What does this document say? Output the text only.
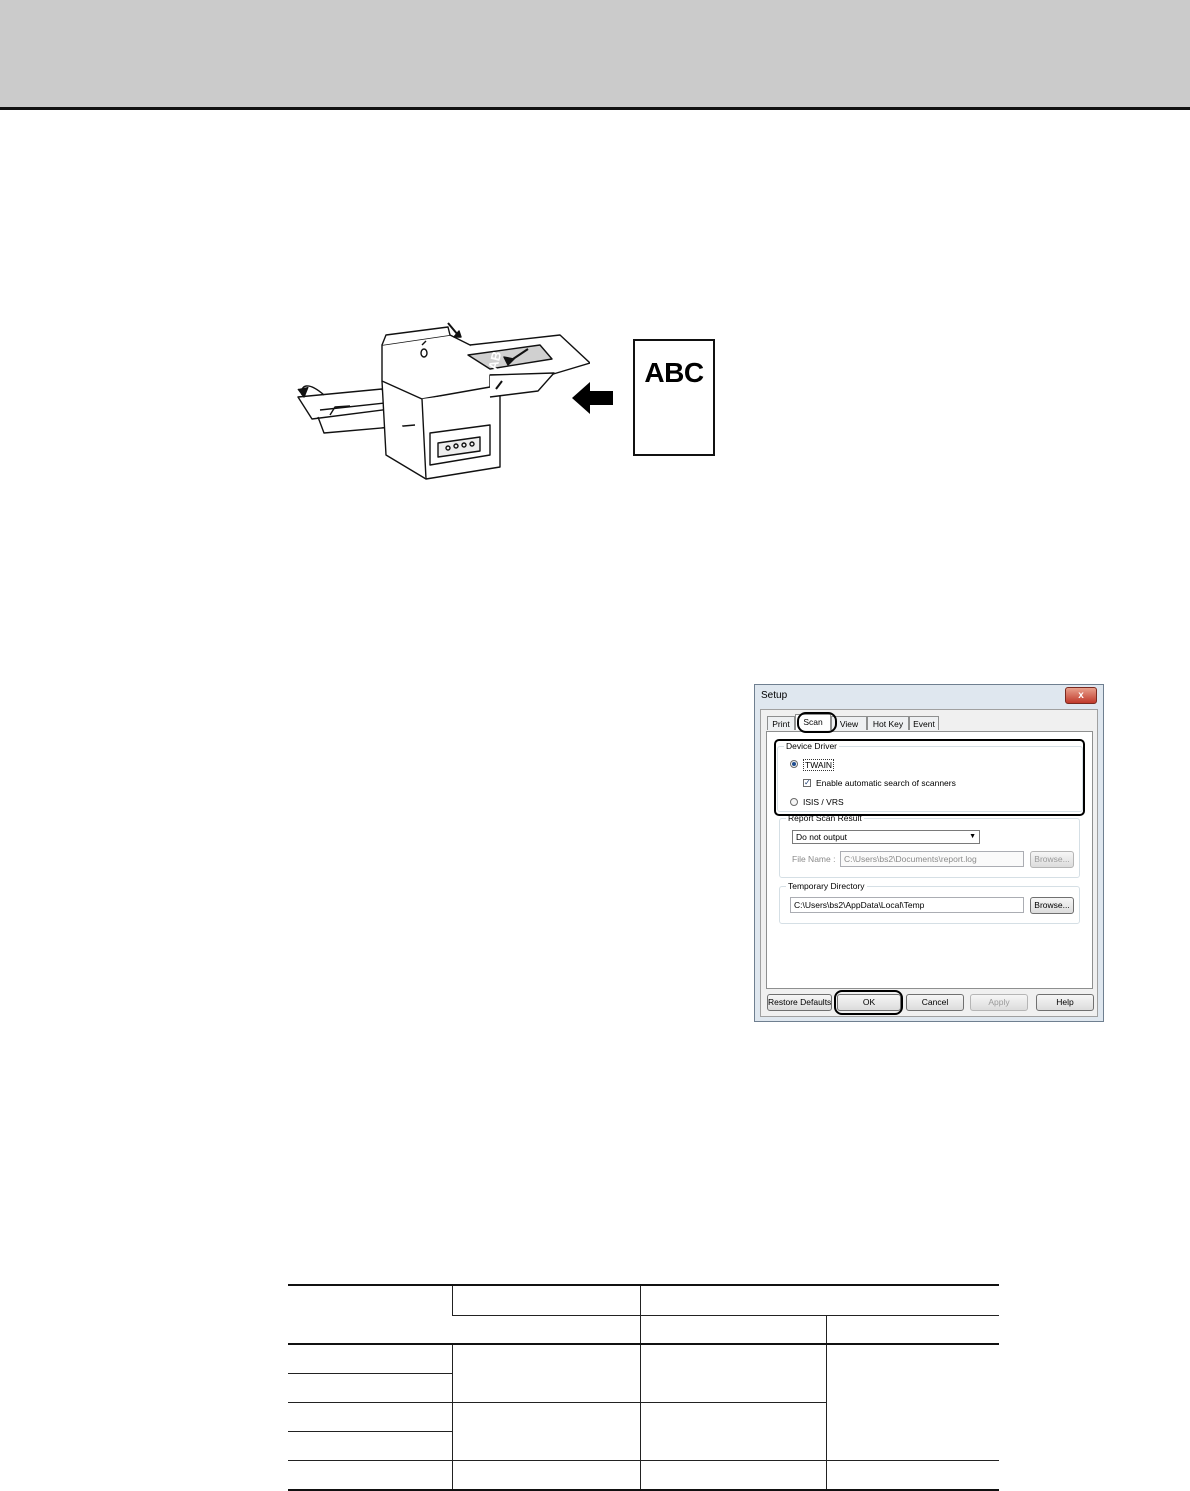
AB	ABC
Setup	x
Print	Scan	View	Hot Key	Event
Device Driver
TWAIN
✓ Enable automatic search of scanners
ISIS / VRS
Report Scan Result
Do not output	▼
File Name :	C:\Users\bs2\Documents\report.log	Browse...
Temporary Directory
C:\Users\bs2\AppData\Local\Temp	Browse...
Restore Defaults	OK	Cancel	Apply	Help
